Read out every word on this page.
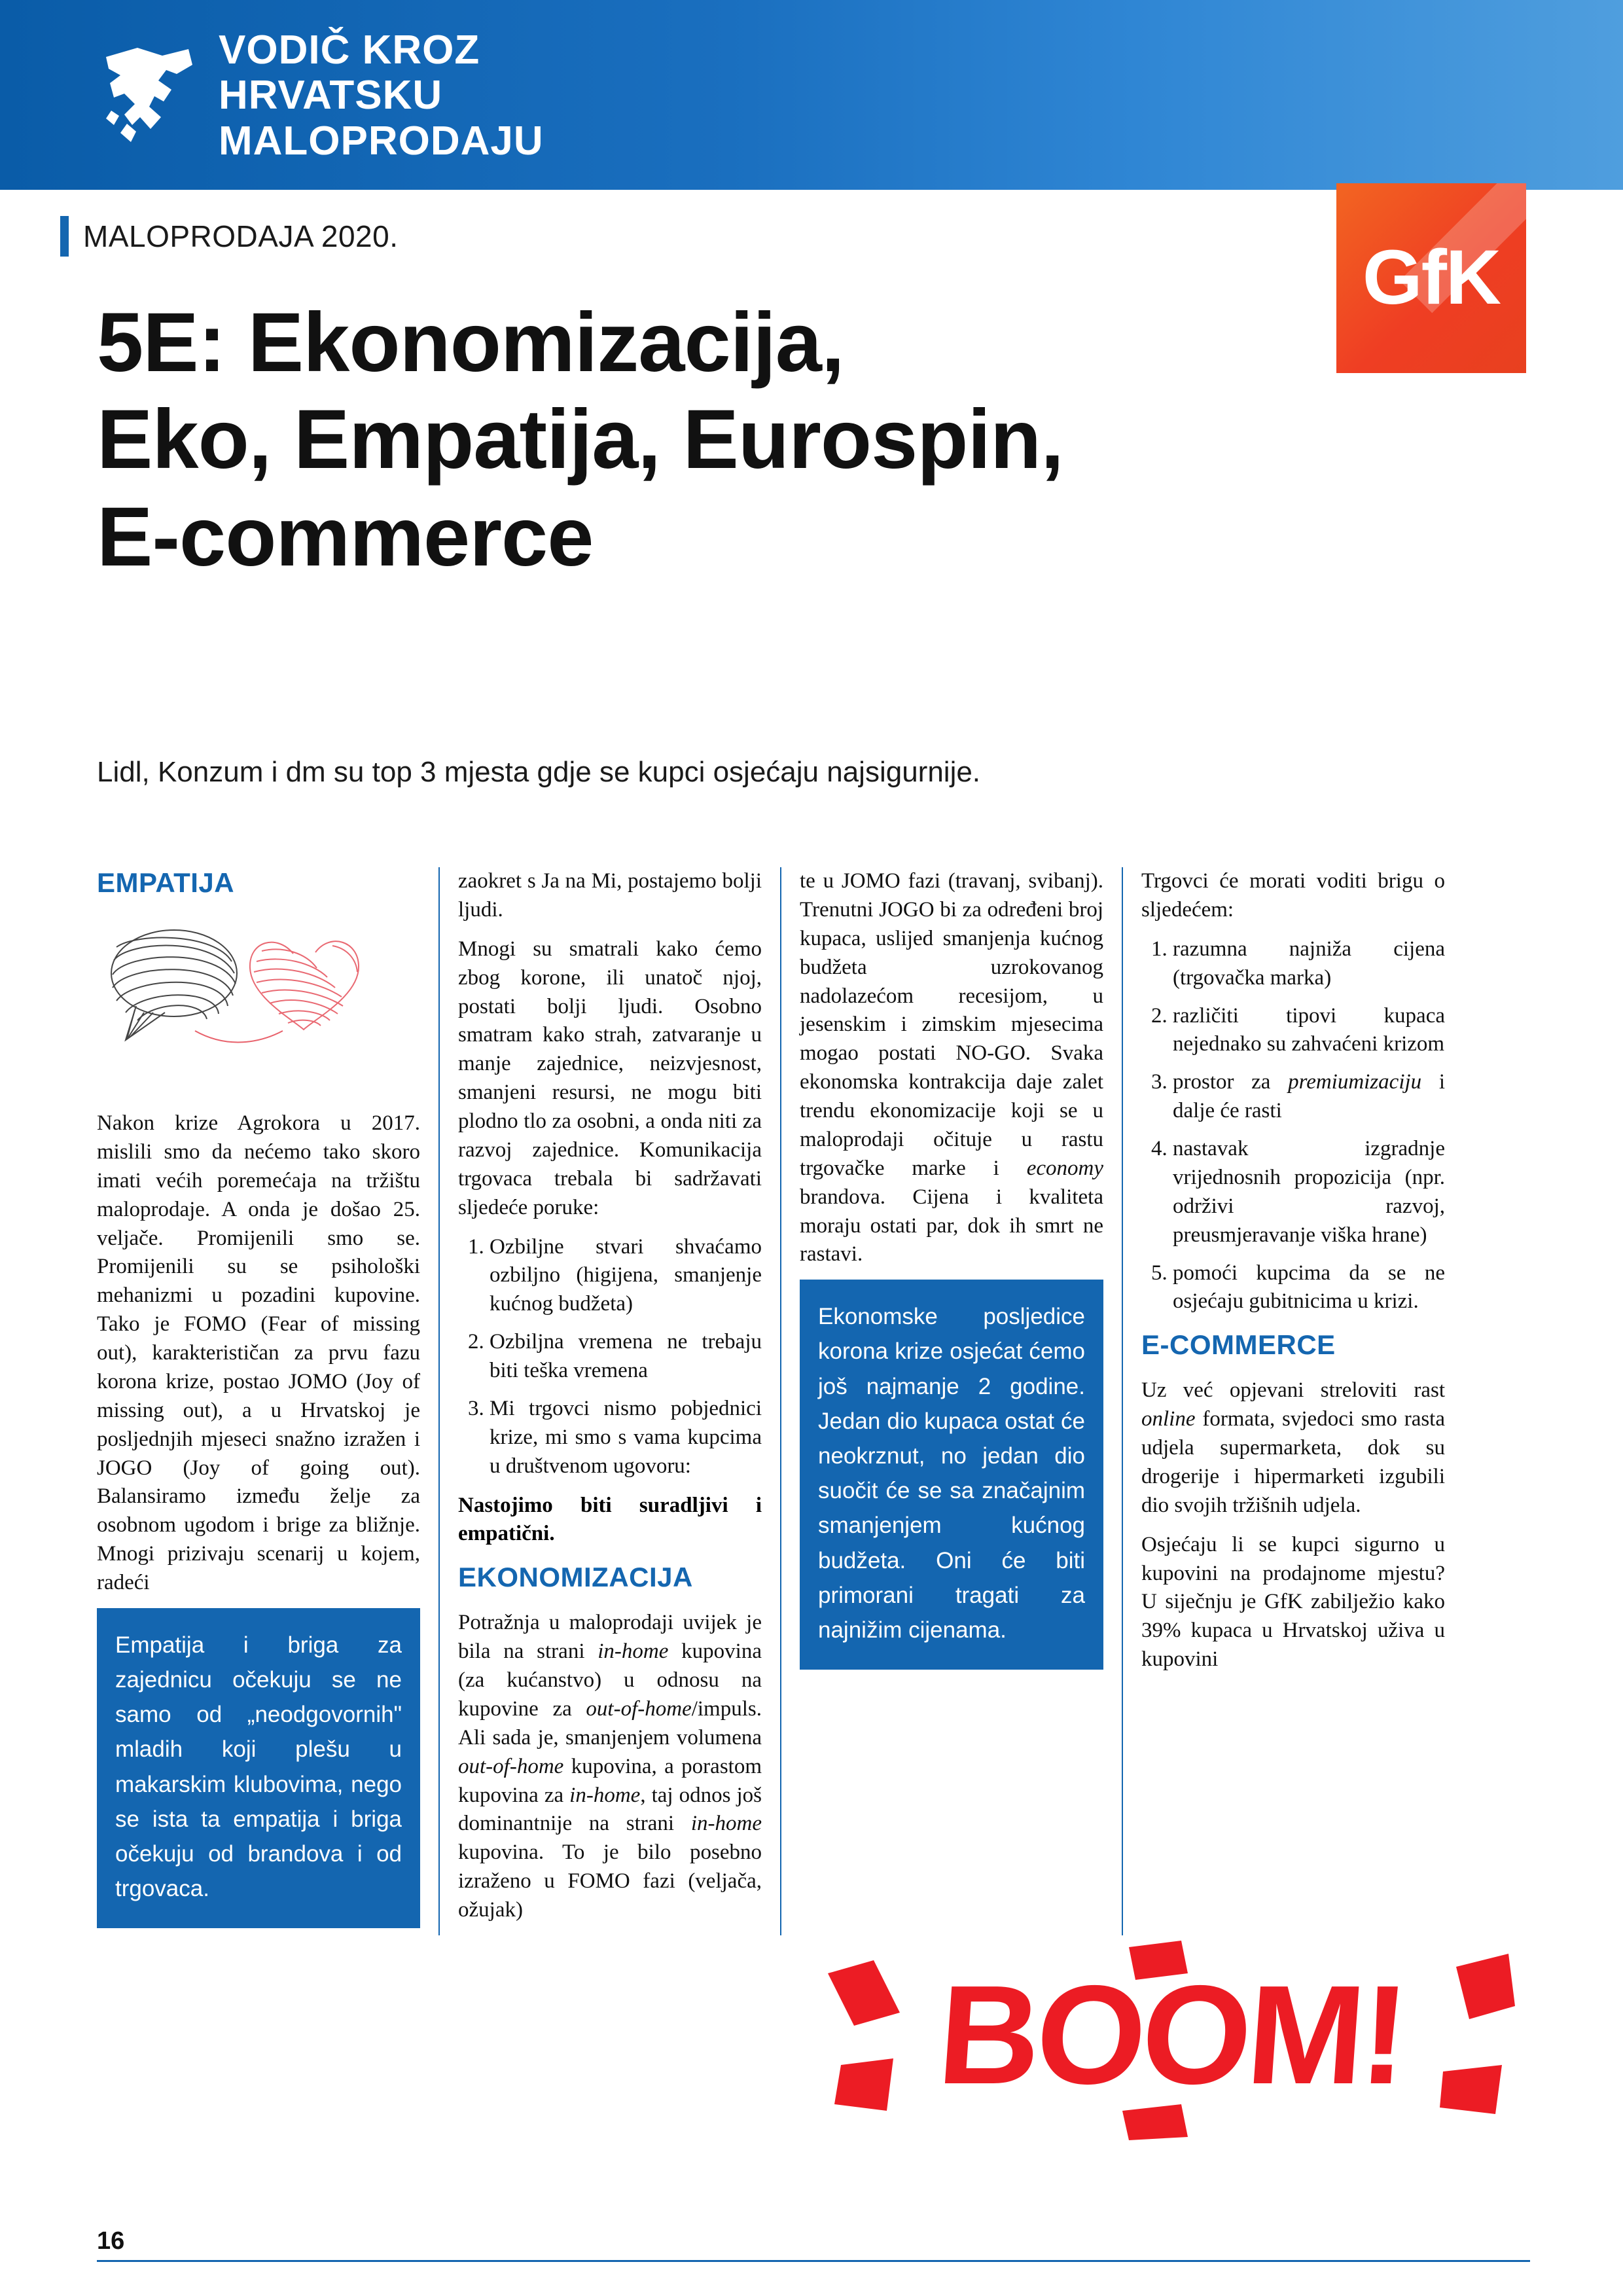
VODIČ KROZ
HRVATSKU
MALOPRODAJU
MALOPRODAJA 2020.	GfK
5E: Ekonomizacija,
Eko, Empatija, Eurospin,
E-commerce
Lidl, Konzum i dm su top 3 mjesta gdje se kupci osjećaju najsigurnije.
EMPATIJA

Nakon krize Agrokora u 2017. mislili smo da nećemo tako skoro imati većih poremećaja na tržištu maloprodaje. A onda je došao 25. veljače. Promijenili smo se. Promijenili su se psihološki mehanizmi u pozadini kupovine. Tako je FOMO (Fear of missing out), karakterističan za prvu fazu korona krize, postao JOMO (Joy of missing out), a u Hrvatskoj je posljednjih mjeseci snažno izražen i JOGO (Joy of going out). Balansiramo između želje za osobnom ugodom i brige za bližnje. Mnogi prizivaju scenarij u kojem, radeći

Empatija i briga za zajednicu očekuju se ne samo od „neodgovornih" mladih koji plešu u makarskim klubovima, nego se ista ta empatija i briga očekuju od brandova i od trgovaca.

zaokret s Ja na Mi, postajemo bolji ljudi.

Mnogi su smatrali kako ćemo zbog korone, ili unatoč njoj, postati bolji ljudi. Osobno smatram kako strah, zatvaranje u manje zajednice, neizvjesnost, smanjeni resursi, ne mogu biti plodno tlo za osobni, a onda niti za razvoj zajednice. Komunikacija trgovaca trebala bi sadržavati sljedeće poruke:

1. Ozbiljne stvari shvaćamo ozbiljno (higijena, smanjenje kućnog budžeta)
2. Ozbiljna vremena ne trebaju biti teška vremena
3. Mi trgovci nismo pobjednici krize, mi smo s vama kupcima u društvenom ugovoru:
Nastojimo biti suradljivi i empatični.
EKONOMIZACIJA

Potražnja u maloprodaji uvijek je bila na strani in-home kupovina (za kućanstvo) u odnosu na kupovine za out-of-home/impuls. Ali sada je, smanjenjem volumena out-of-home kupovina, a porastom kupovina za in-home, taj odnos još dominantnije na strani in-home kupovina. To je bilo posebno izraženo u FOMO fazi (veljača, ožujak)

te u JOMO fazi (travanj, svibanj). Trenutni JOGO bi za određeni broj kupaca, uslijed smanjenja kućnog budžeta uzrokovanog nadolazećom recesijom, u jesenskim i zimskim mjesecima mogao postati NO-GO. Svaka ekonomska kontrakcija daje zalet trendu ekonomizacije koji se u maloprodaji očituje u rastu trgovačke marke i economy brandova. Cijena i kvaliteta moraju ostati par, dok ih smrt ne rastavi.

Ekonomske posljedice korona krize osjećat ćemo još najmanje 2 godine. Jedan dio kupaca ostat će neokrznut, no jedan dio suočit će se sa značajnim smanjenjem kućnog budžeta. Oni će biti primorani tragati za najnižim cijenama.

Trgovci će morati voditi brigu o sljedećem:

1. razumna najniža cijena (trgovačka marka)
2. različiti tipovi kupaca nejednako su zahvaćeni krizom
3. prostor za premiumizaciju i dalje će rasti
4. nastavak izgradnje vrijednosnih propozicija (npr. održivi razvoj, preusmjeravanje viška hrane)
5. pomoći kupcima da se ne osjećaju gubitnicima u krizi.
E-COMMERCE

Uz već opjevani streloviti rast online formata, svjedoci smo rasta udjela supermarketa, dok su drogerije i hipermarketi izgubili dio svojih tržišnih udjela.

Osjećaju li se kupci sigurno u kupovini na prodajnome mjestu? U siječnju je GfK zabilježio kako 39% kupaca u Hrvatskoj uživa u kupovini

BOOM!
16
